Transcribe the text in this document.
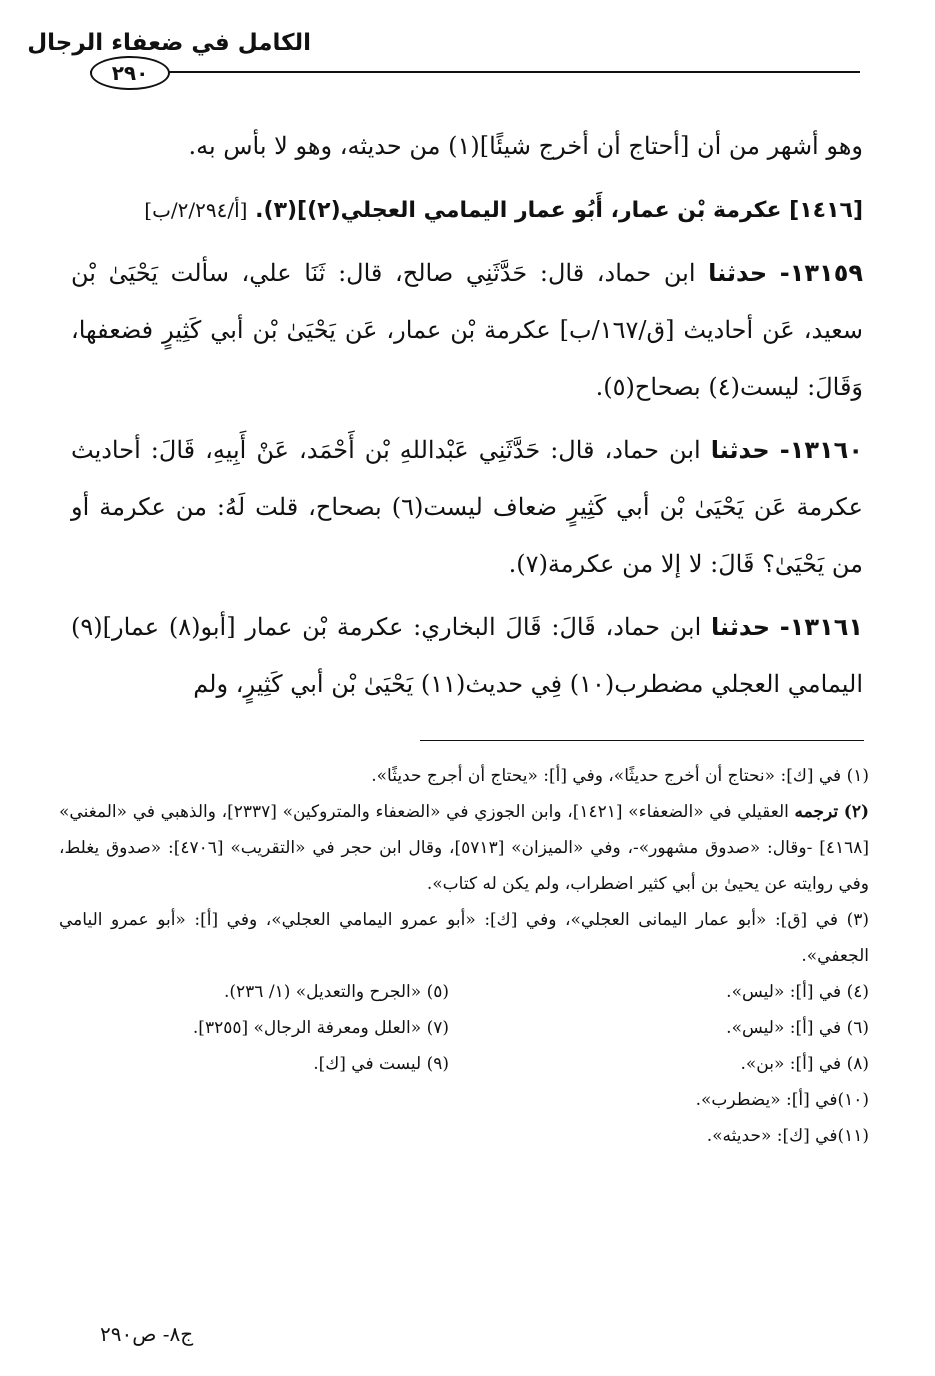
الكامل في ضعفاء الرجال
٢٩٠

وهو أشهر من أن [أحتاج أن أخرج شيئًا](١) من حديثه، وهو لا بأس به.

[١٤١٦] عكرمة بْن عمار، أَبُو عمار اليمامي العجلي(٢)](٣). [أ/٢/٢٩٤/ب]

١٣١٥٩- حدثنا ابن حماد، قال: حَدَّثَنِي صالح، قال: ثَنَا علي، سألت يَحْيَىٰ بْن سعيد، عَن أحاديث [ق/١٦٧/ب] عكرمة بْن عمار، عَن يَحْيَىٰ بْن أبي كَثِيرٍ فضعفها، وَقَالَ: ليست(٤) بصحاح(٥).

١٣١٦٠- حدثنا ابن حماد، قال: حَدَّثَنِي عَبْداللهِ بْن أَحْمَد، عَنْ أَبِيهِ، قَالَ: أحاديث عكرمة عَن يَحْيَىٰ بْن أبي كَثِيرٍ ضعاف ليست(٦) بصحاح، قلت لَهُ: من عكرمة أو من يَحْيَىٰ؟ قَالَ: لا إلا من عكرمة(٧).

١٣١٦١- حدثنا ابن حماد، قَالَ: قَالَ البخاري: عكرمة بْن عمار [أبو(٨) عمار](٩) اليمامي العجلي مضطرب(١٠) فِي حديث(١١) يَحْيَىٰ بْن أبي كَثِيرٍ، ولم

(١) في [ك]: «نحتاج أن أخرج حديثًا»، وفي [أ]: «يحتاج أن أجرج حديثًا».

(٢) ترجمه العقيلي في «الضعفاء» [١٤٢١]، وابن الجوزي في «الضعفاء والمتروكين» [٢٣٣٧]، والذهبي في «المغني» [٤١٦٨] -وقال: «صدوق مشهور»-، وفي «الميزان» [٥٧١٣]، وقال ابن حجر في «التقريب» [٤٧٠٦]: «صدوق يغلط، وفي روايته عن يحيىٰ بن أبي كثير اضطراب، ولم يكن له كتاب».

(٣) في [ق]: «أبو عمار اليمانى العجلي»، وفي [ك]: «أبو عمرو اليمامي العجلي»، وفي [أ]: «أبو عمرو اليامي الجعفي».

(٤) في [أ]: «ليس».

(٥) «الجرح والتعديل» (١/ ٢٣٦).

(٦) في [أ]: «ليس».

(٧) «العلل ومعرفة الرجال» [٣٢٥٥].

(٨) في [أ]: «بن».

(٩) ليست في [ك].

(١٠)في [أ]: «يضطرب».

(١١)في [ك]: «حديثه».

ج٨- ص٢٩٠
